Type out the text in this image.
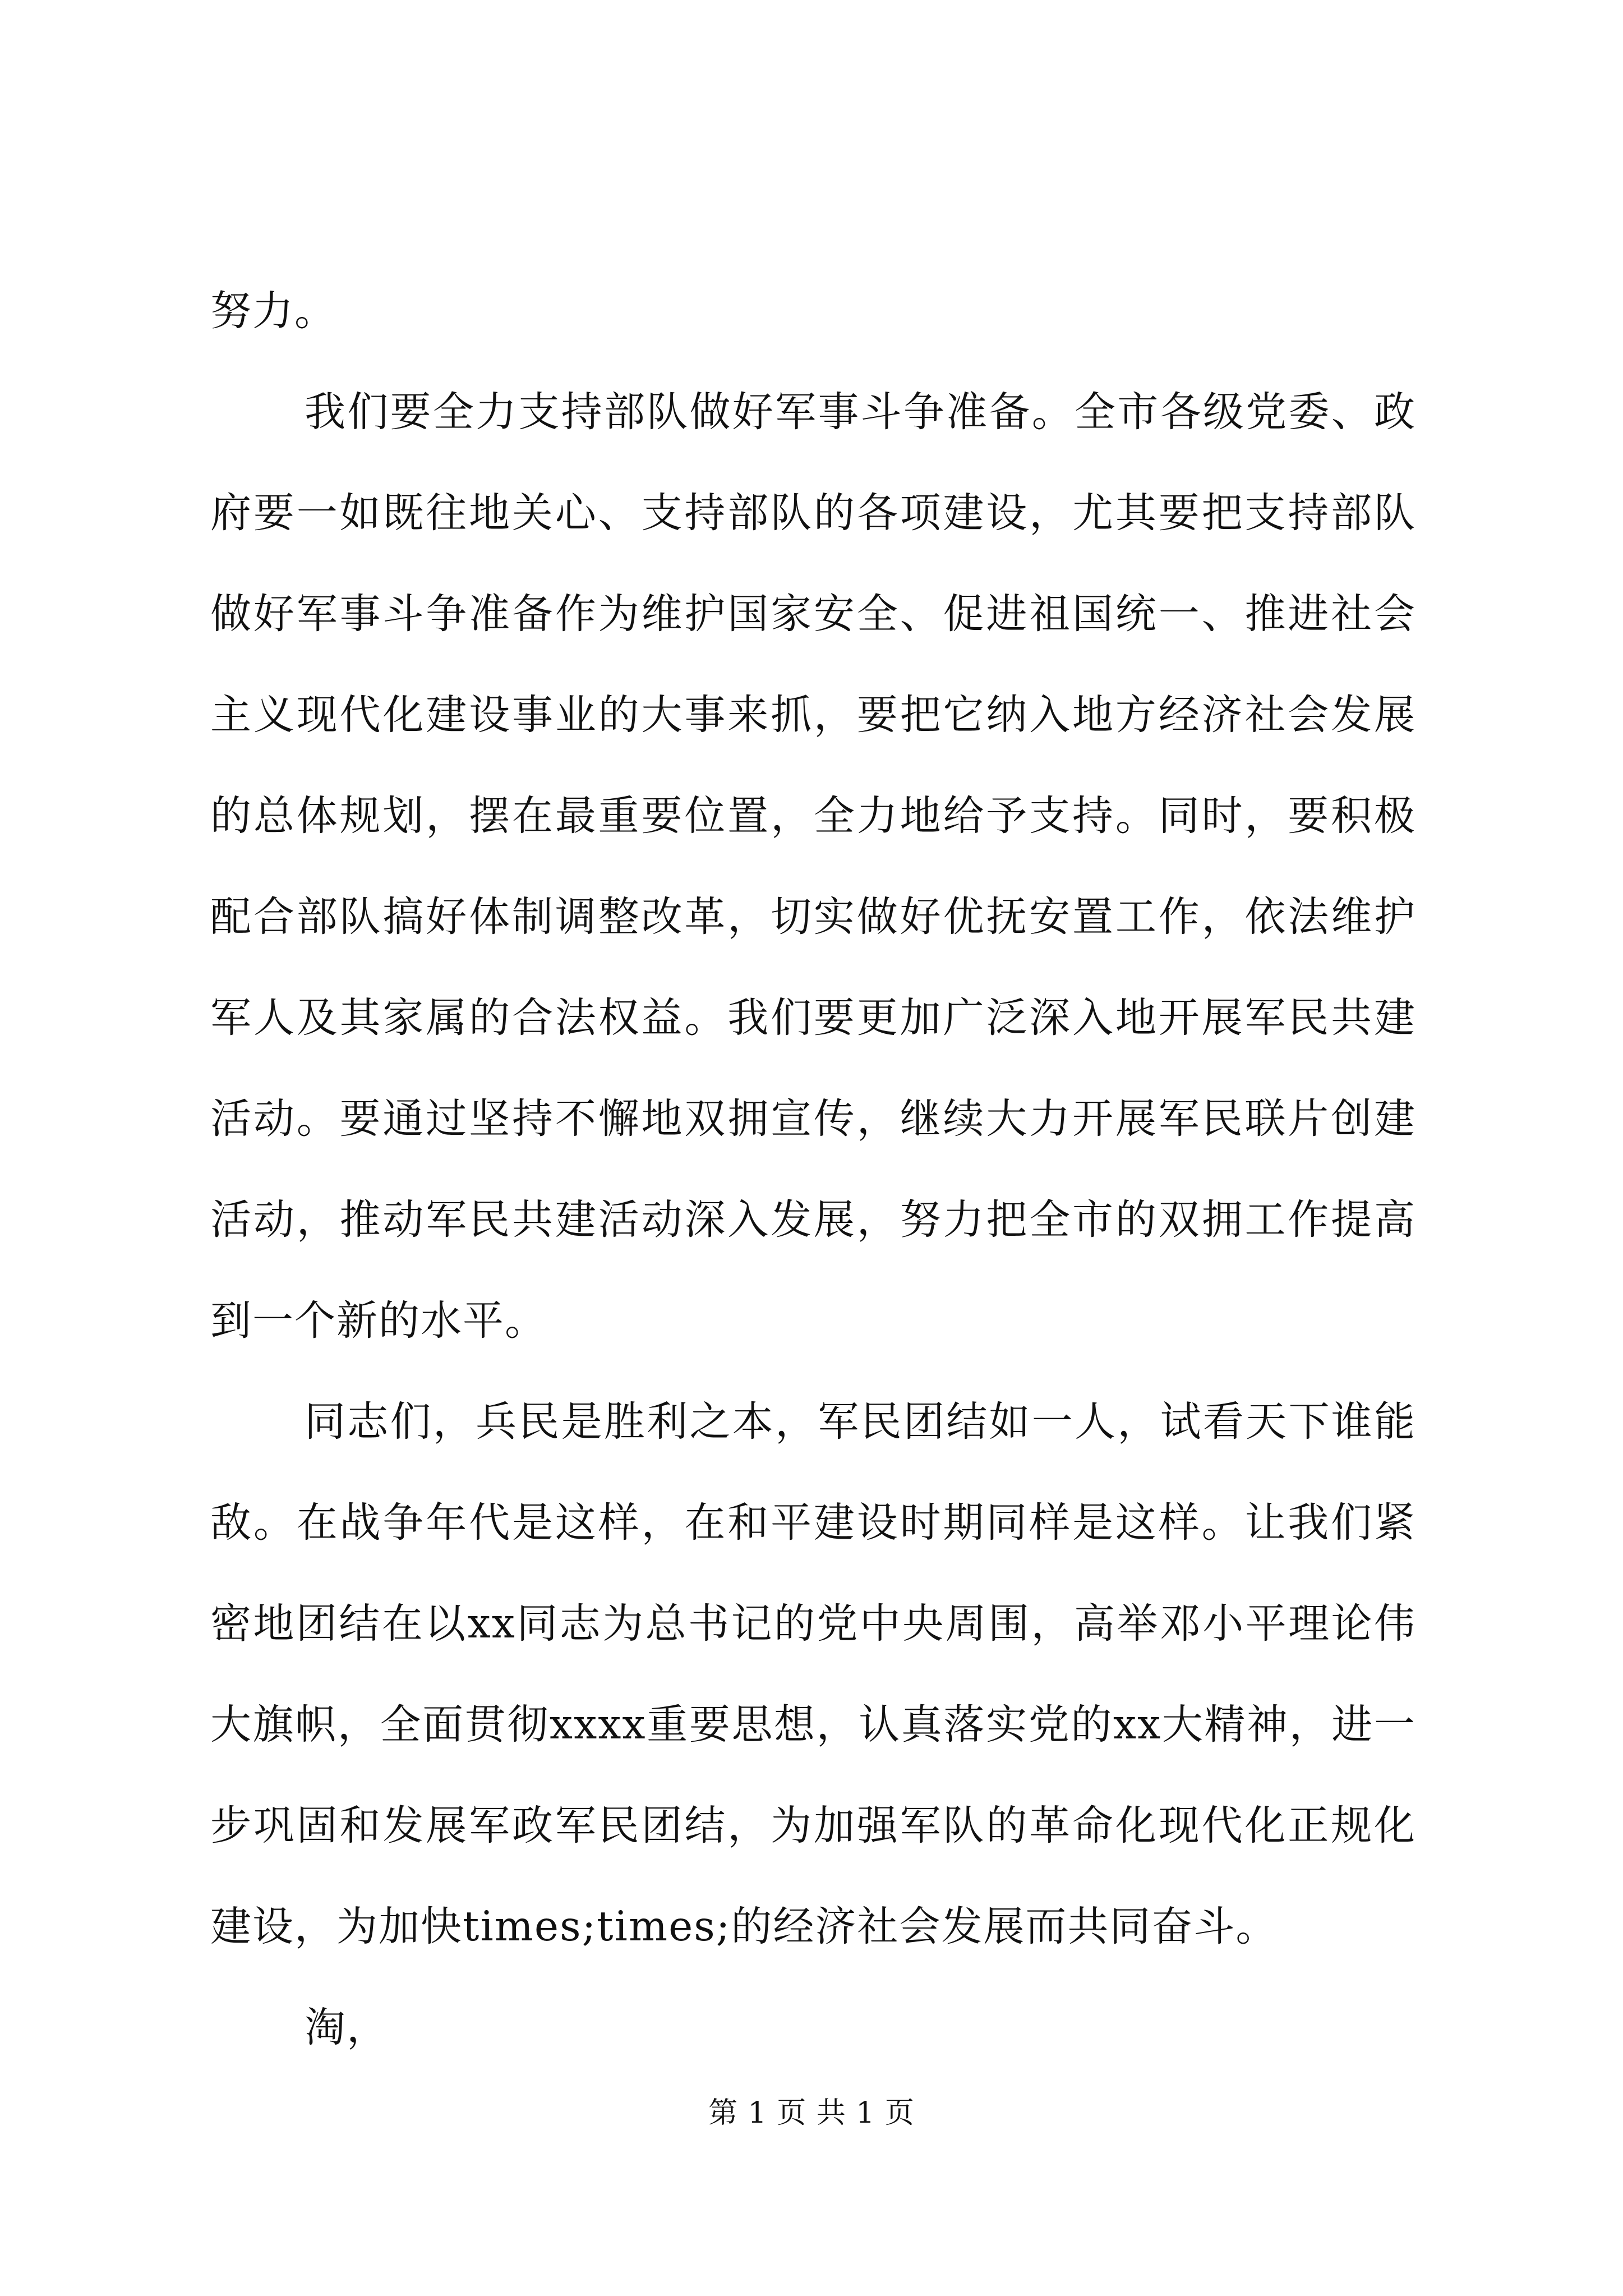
努力。

我们要全力支持部队做好军事斗争准备。全市各级党委、政府要一如既往地关心、支持部队的各项建设，尤其要把支持部队做好军事斗争准备作为维护国家安全、促进祖国统一、推进社会主义现代化建设事业的大事来抓，要把它纳入地方经济社会发展的总体规划，摆在最重要位置，全力地给予支持。同时，要积极配合部队搞好体制调整改革，切实做好优抚安置工作，依法维护军人及其家属的合法权益。我们要更加广泛深入地开展军民共建活动。要通过坚持不懈地双拥宣传，继续大力开展军民联片创建活动，推动军民共建活动深入发展，努力把全市的双拥工作提高到一个新的水平。

同志们，兵民是胜利之本，军民团结如一人，试看天下谁能敌。在战争年代是这样，在和平建设时期同样是这样。让我们紧密地团结在以xx同志为总书记的党中央周围，高举邓小平理论伟大旗帜，全面贯彻xxxx重要思想，认真落实党的xx大精神，进一步巩固和发展军政军民团结，为加强军队的革命化现代化正规化建设，为加快times;times;的经济社会发展而共同奋斗。

淘，

第 1 页 共 1 页
